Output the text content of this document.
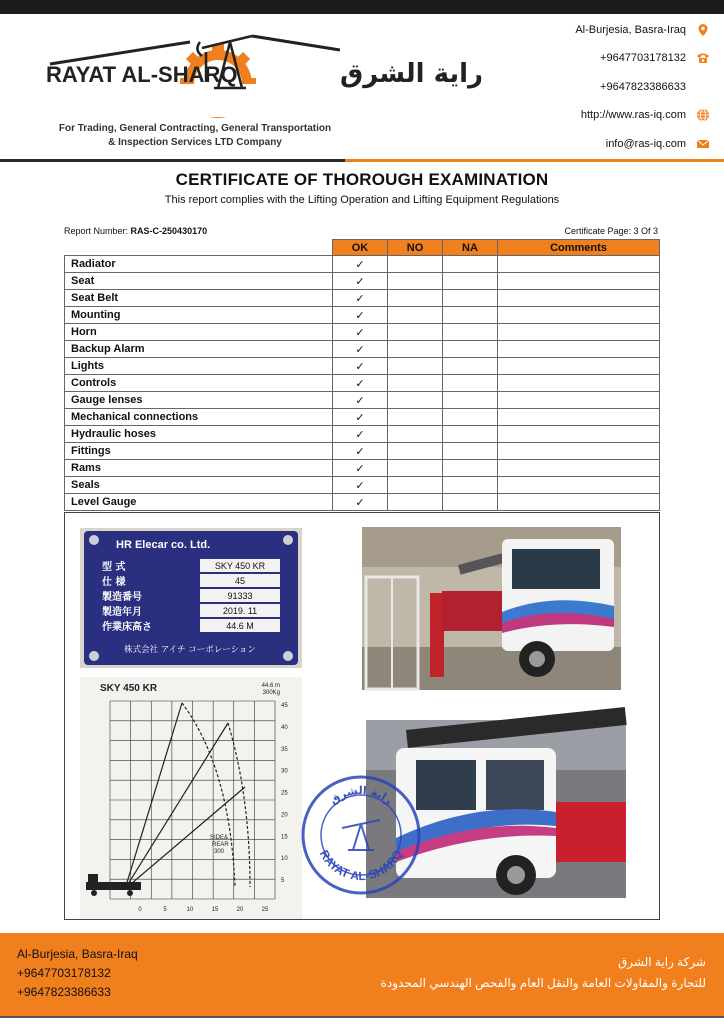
RAYAT AL-SHARQ	راية الشرق
For Trading, General Contracting, General Transportation
& Inspection Services LTD Company
Al-Burjesia, Basra-Iraq
+9647703178132
+9647823386633
http://www.ras-iq.com
info@ras-iq.com
CERTIFICATE OF THOROUGH EXAMINATION
This report complies with the Lifting Operation and Lifting Equipment Regulations
Report Number: RAS-C-250430170	Certificate Page: 3 Of 3
	OK	NO	NA	Comments
Radiator	✓			
Seat	✓			
Seat Belt	✓			
Mounting	✓			
Horn	✓			
Backup Alarm	✓			
Lights	✓			
Controls	✓			
Gauge lenses	✓			
Mechanical connections	✓			
Hydraulic hoses	✓			
Fittings	✓			
Rams	✓			
Seals	✓			
Level Gauge	✓			
HR Elecar co. Ltd.
型 式	SKY 450 KR
仕 様	45
製造番号	91333
製造年月	2019. 11
作業床高さ	44.6 M
株式会社 アイチ コーポレーション
SKY 450 KR	44.6 m
300Kg
45
40
35
30
25
20
15
10
5
0	5	10	15	20	25
SIDE&
REAR
300	RAYAT AL-SHARQ
راية الشرق
Al-Burjesia, Basra-Iraq
+9647703178132
+9647823386633
شركة راية الشرق
للتجارة والمقاولات العامة والنقل العام والفحص الهندسي المحدودة
